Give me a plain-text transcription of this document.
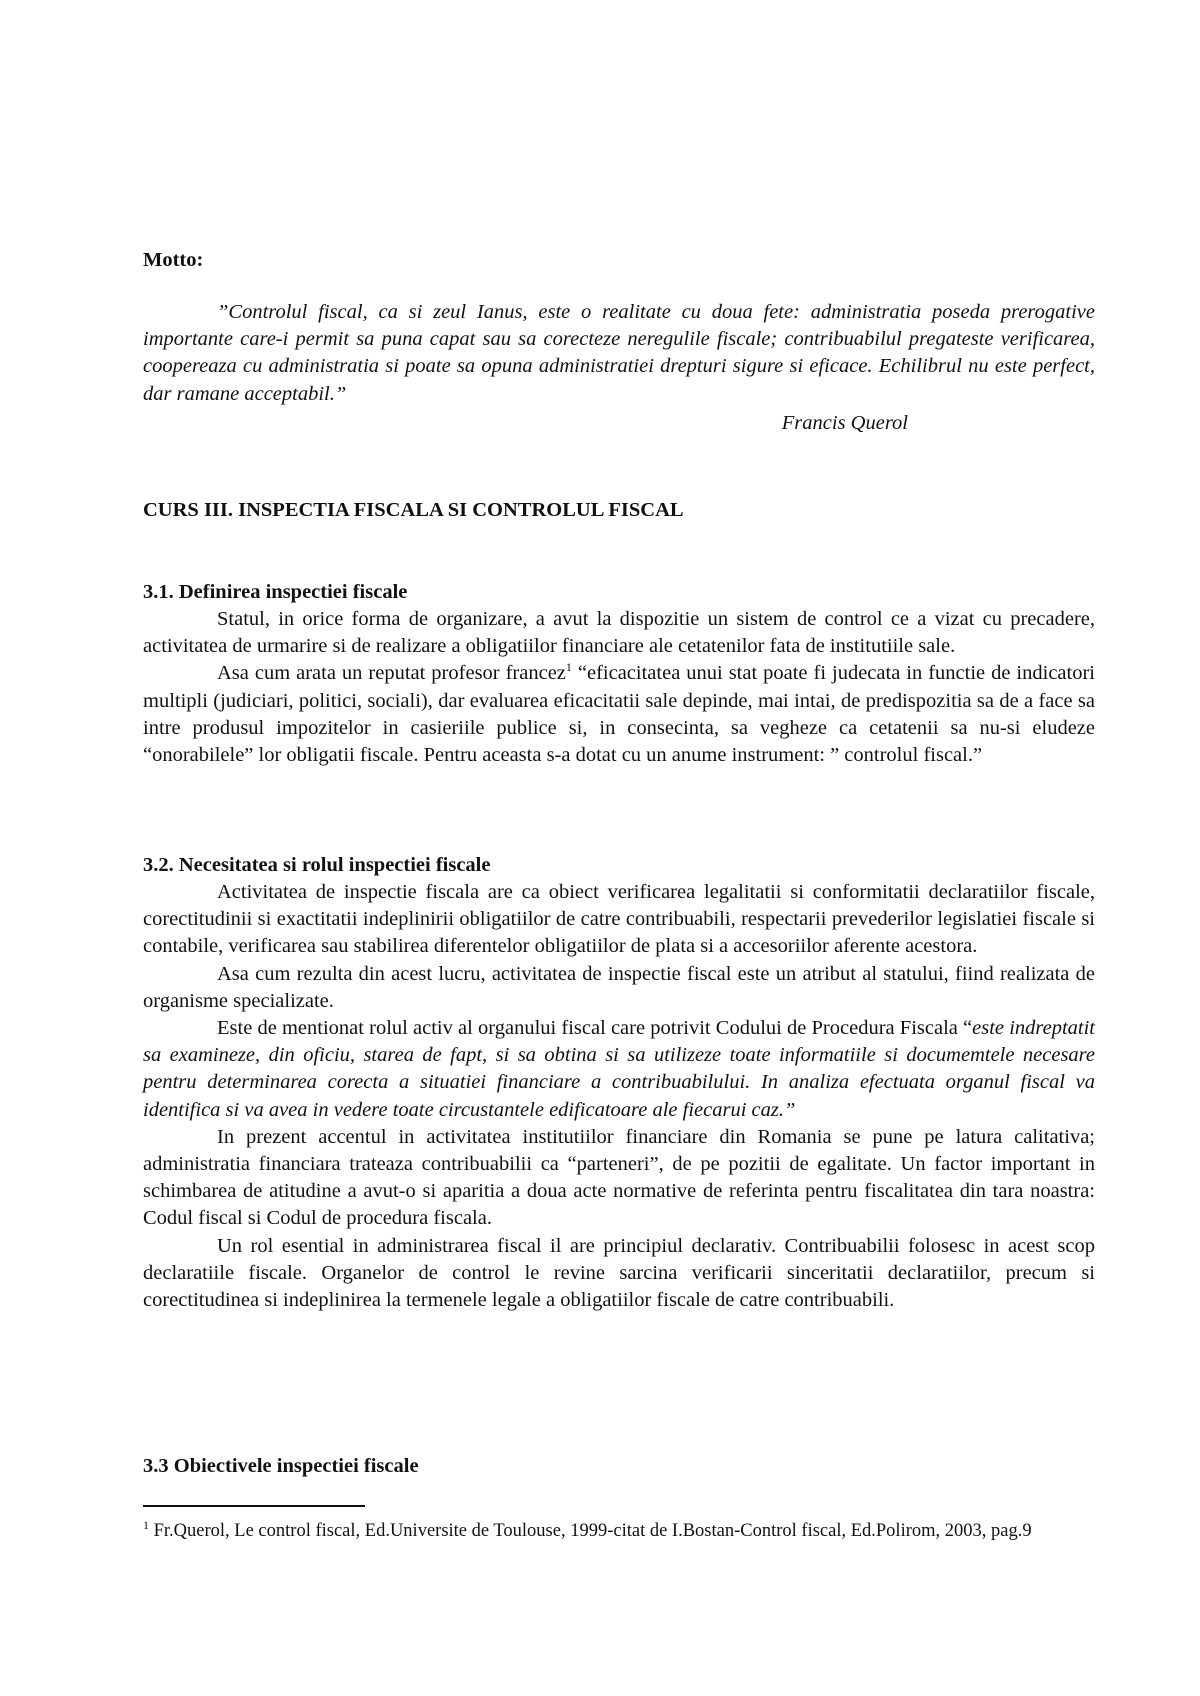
Motto:
”Controlul fiscal, ca si zeul Ianus, este o realitate cu doua fete: administratia poseda prerogative importante care-i permit sa puna capat sau sa corecteze neregulile fiscale; contribuabilul pregateste verificarea, coopereaza cu administratia si poate sa opuna administratiei drepturi sigure si eficace. Echilibrul nu este perfect, dar ramane acceptabil.”
Francis Querol
CURS III. INSPECTIA FISCALA SI CONTROLUL FISCAL
3.1. Definirea inspectiei fiscale
Statul, in orice forma de organizare, a avut la dispozitie un sistem de control ce a vizat cu precadere, activitatea de urmarire si de realizare a obligatiilor financiare ale cetatenilor fata de institutiile sale.
Asa cum arata un reputat profesor francez$^1$ “eficacitatea unui stat poate fi judecata in functie de indicatori multipli (judiciari, politici, sociali), dar evaluarea eficacitatii sale depinde, mai intai, de predispozitia sa de a face sa intre produsul impozitelor in casieriile publice si, in consecinta, sa vegheze ca cetatenii sa nu-si eludeze “onorabilele” lor obligatii fiscale. Pentru aceasta s-a dotat cu un anume instrument: ” controlul fiscal.”
3.2. Necesitatea si rolul inspectiei fiscale
Activitatea de inspectie fiscala are ca obiect verificarea legalitatii si conformitatii declaratiilor fiscale, corectitudinii si exactitatii indeplinirii obligatiilor de catre contribuabili, respectarii prevederilor legislatiei fiscale si contabile, verificarea sau stabilirea diferentelor obligatiilor de plata si a accesoriilor aferente acestora.
Asa cum rezulta din acest lucru, activitatea de inspectie fiscal este un atribut al statului, fiind realizata de organisme specializate.
Este de mentionat rolul activ al organului fiscal care potrivit Codului de Procedura Fiscala “este indreptatit sa examineze, din oficiu, starea de fapt, si sa obtina si sa utilizeze toate informatiile si documemtele necesare pentru determinarea corecta a situatiei financiare a contribuabilului. In analiza efectuata organul fiscal va identifica si va avea in vedere toate circustantele edificatoare ale fiecarui caz.”
In prezent accentul in activitatea institutiilor financiare din Romania se pune pe latura calitativa; administratia financiara trateaza contribuabilii ca “parteneri”, de pe pozitii de egalitate. Un factor important in schimbarea de atitudine a avut-o si aparitia a doua acte normative de referinta pentru fiscalitatea din tara noastra: Codul fiscal si Codul de procedura fiscala.
Un rol esential in administrarea fiscal il are principiul declarativ. Contribuabilii folosesc in acest scop declaratiile fiscale. Organelor de control le revine sarcina verificarii sinceritatii declaratiilor, precum si corectitudinea si indeplinirea la termenele legale a obligatiilor fiscale de catre contribuabili.
3.3 Obiectivele inspectiei fiscale
$^1$ Fr.Querol, Le control fiscal, Ed.Universite de Toulouse, 1999-citat de I.Bostan-Control fiscal, Ed.Polirom, 2003, pag.9
